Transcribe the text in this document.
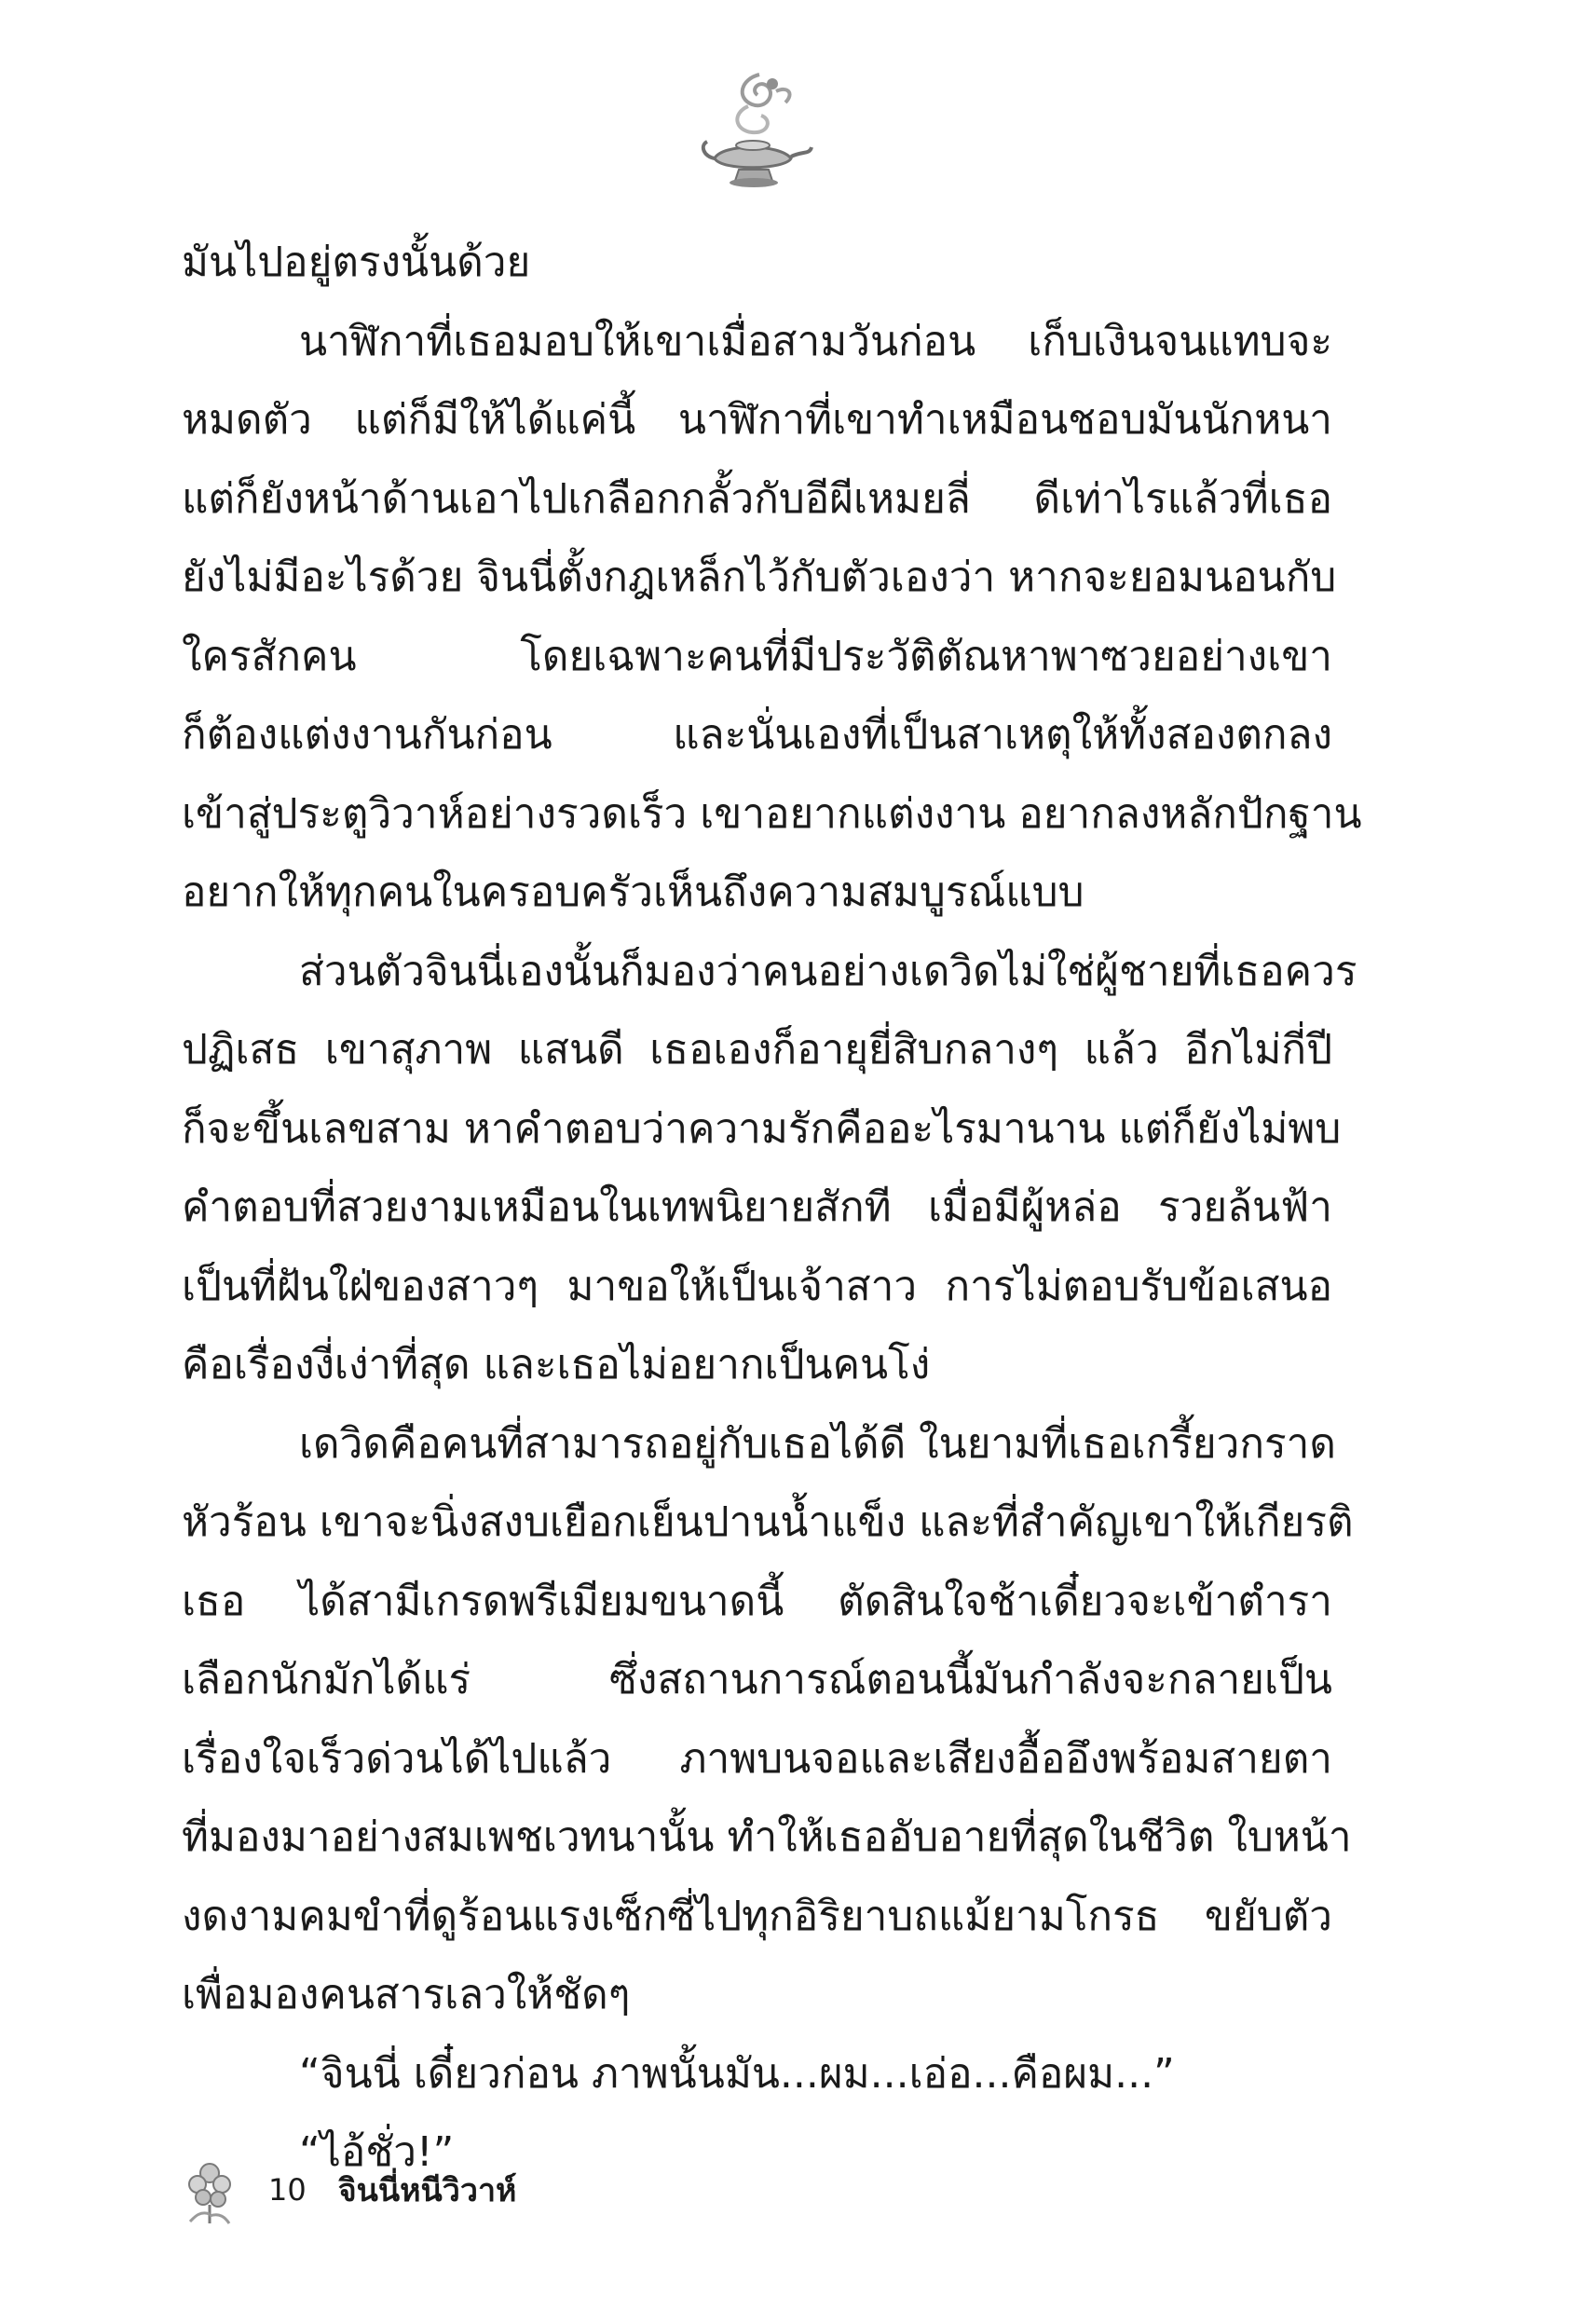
มันไปอยู่ตรงนั้นด้วย
นาฬิกาที่เธอมอบให้เขาเมื่อสามวันก่อน เก็บเงินจนแทบจะ
หมดตัว แต่ก็มีให้ได้แค่นี้ นาฬิกาที่เขาทำเหมือนชอบมันนักหนา
แต่ก็ยังหน้าด้านเอาไปเกลือกกลั้วกับอีผีเหมยลี่ ดีเท่าไรแล้วที่เธอ
ยังไม่มีอะไรด้วย จินนี่ตั้งกฎเหล็กไว้กับตัวเองว่า หากจะยอมนอนกับ
ใครสักคน โดยเฉพาะคนที่มีประวัติตัณหาพาซวยอย่างเขา
ก็ต้องแต่งงานกันก่อน และนั่นเองที่เป็นสาเหตุให้ทั้งสองตกลง
เข้าสู่ประตูวิวาห์อย่างรวดเร็ว เขาอยากแต่งงาน อยากลงหลักปักฐาน
อยากให้ทุกคนในครอบครัวเห็นถึงความสมบูรณ์แบบ
ส่วนตัวจินนี่เองนั้นก็มองว่าคนอย่างเดวิดไม่ใช่ผู้ชายที่เธอควร
ปฏิเสธ เขาสุภาพ แสนดี เธอเองก็อายุยี่สิบกลางๆ แล้ว อีกไม่กี่ปี
ก็จะขึ้นเลขสาม หาคำตอบว่าความรักคืออะไรมานาน แต่ก็ยังไม่พบ
คำตอบที่สวยงามเหมือนในเทพนิยายสักที เมื่อมีผู้หล่อ รวยล้นฟ้า
เป็นที่ฝันใฝ่ของสาวๆ มาขอให้เป็นเจ้าสาว การไม่ตอบรับข้อเสนอ
คือเรื่องงี่เง่าที่สุด และเธอไม่อยากเป็นคนโง่
เดวิดคือคนที่สามารถอยู่กับเธอได้ดี ในยามที่เธอเกรี้ยวกราด
หัวร้อน เขาจะนิ่งสงบเยือกเย็นปานน้ำแข็ง และที่สำคัญเขาให้เกียรติ
เธอ ได้สามีเกรดพรีเมียมขนาดนี้ ตัดสินใจช้าเดี๋ยวจะเข้าตำรา
เลือกนักมักได้แร่ ซึ่งสถานการณ์ตอนนี้มันกำลังจะกลายเป็น
เรื่องใจเร็วด่วนได้ไปแล้ว ภาพบนจอและเสียงอื้ออึงพร้อมสายตา
ที่มองมาอย่างสมเพชเวทนานั้น ทำให้เธออับอายที่สุดในชีวิต ใบหน้า
งดงามคมขำที่ดูร้อนแรงเซ็กซี่ไปทุกอิริยาบถแม้ยามโกรธ ขยับตัว
เพื่อมองคนสารเลวให้ชัดๆ
“จินนี่ เดี๋ยวก่อน ภาพนั้นมัน...ผม...เอ่อ...คือผม...”
“ไอ้ชั่ว!”
10 จินนี่หนีวิวาห์
